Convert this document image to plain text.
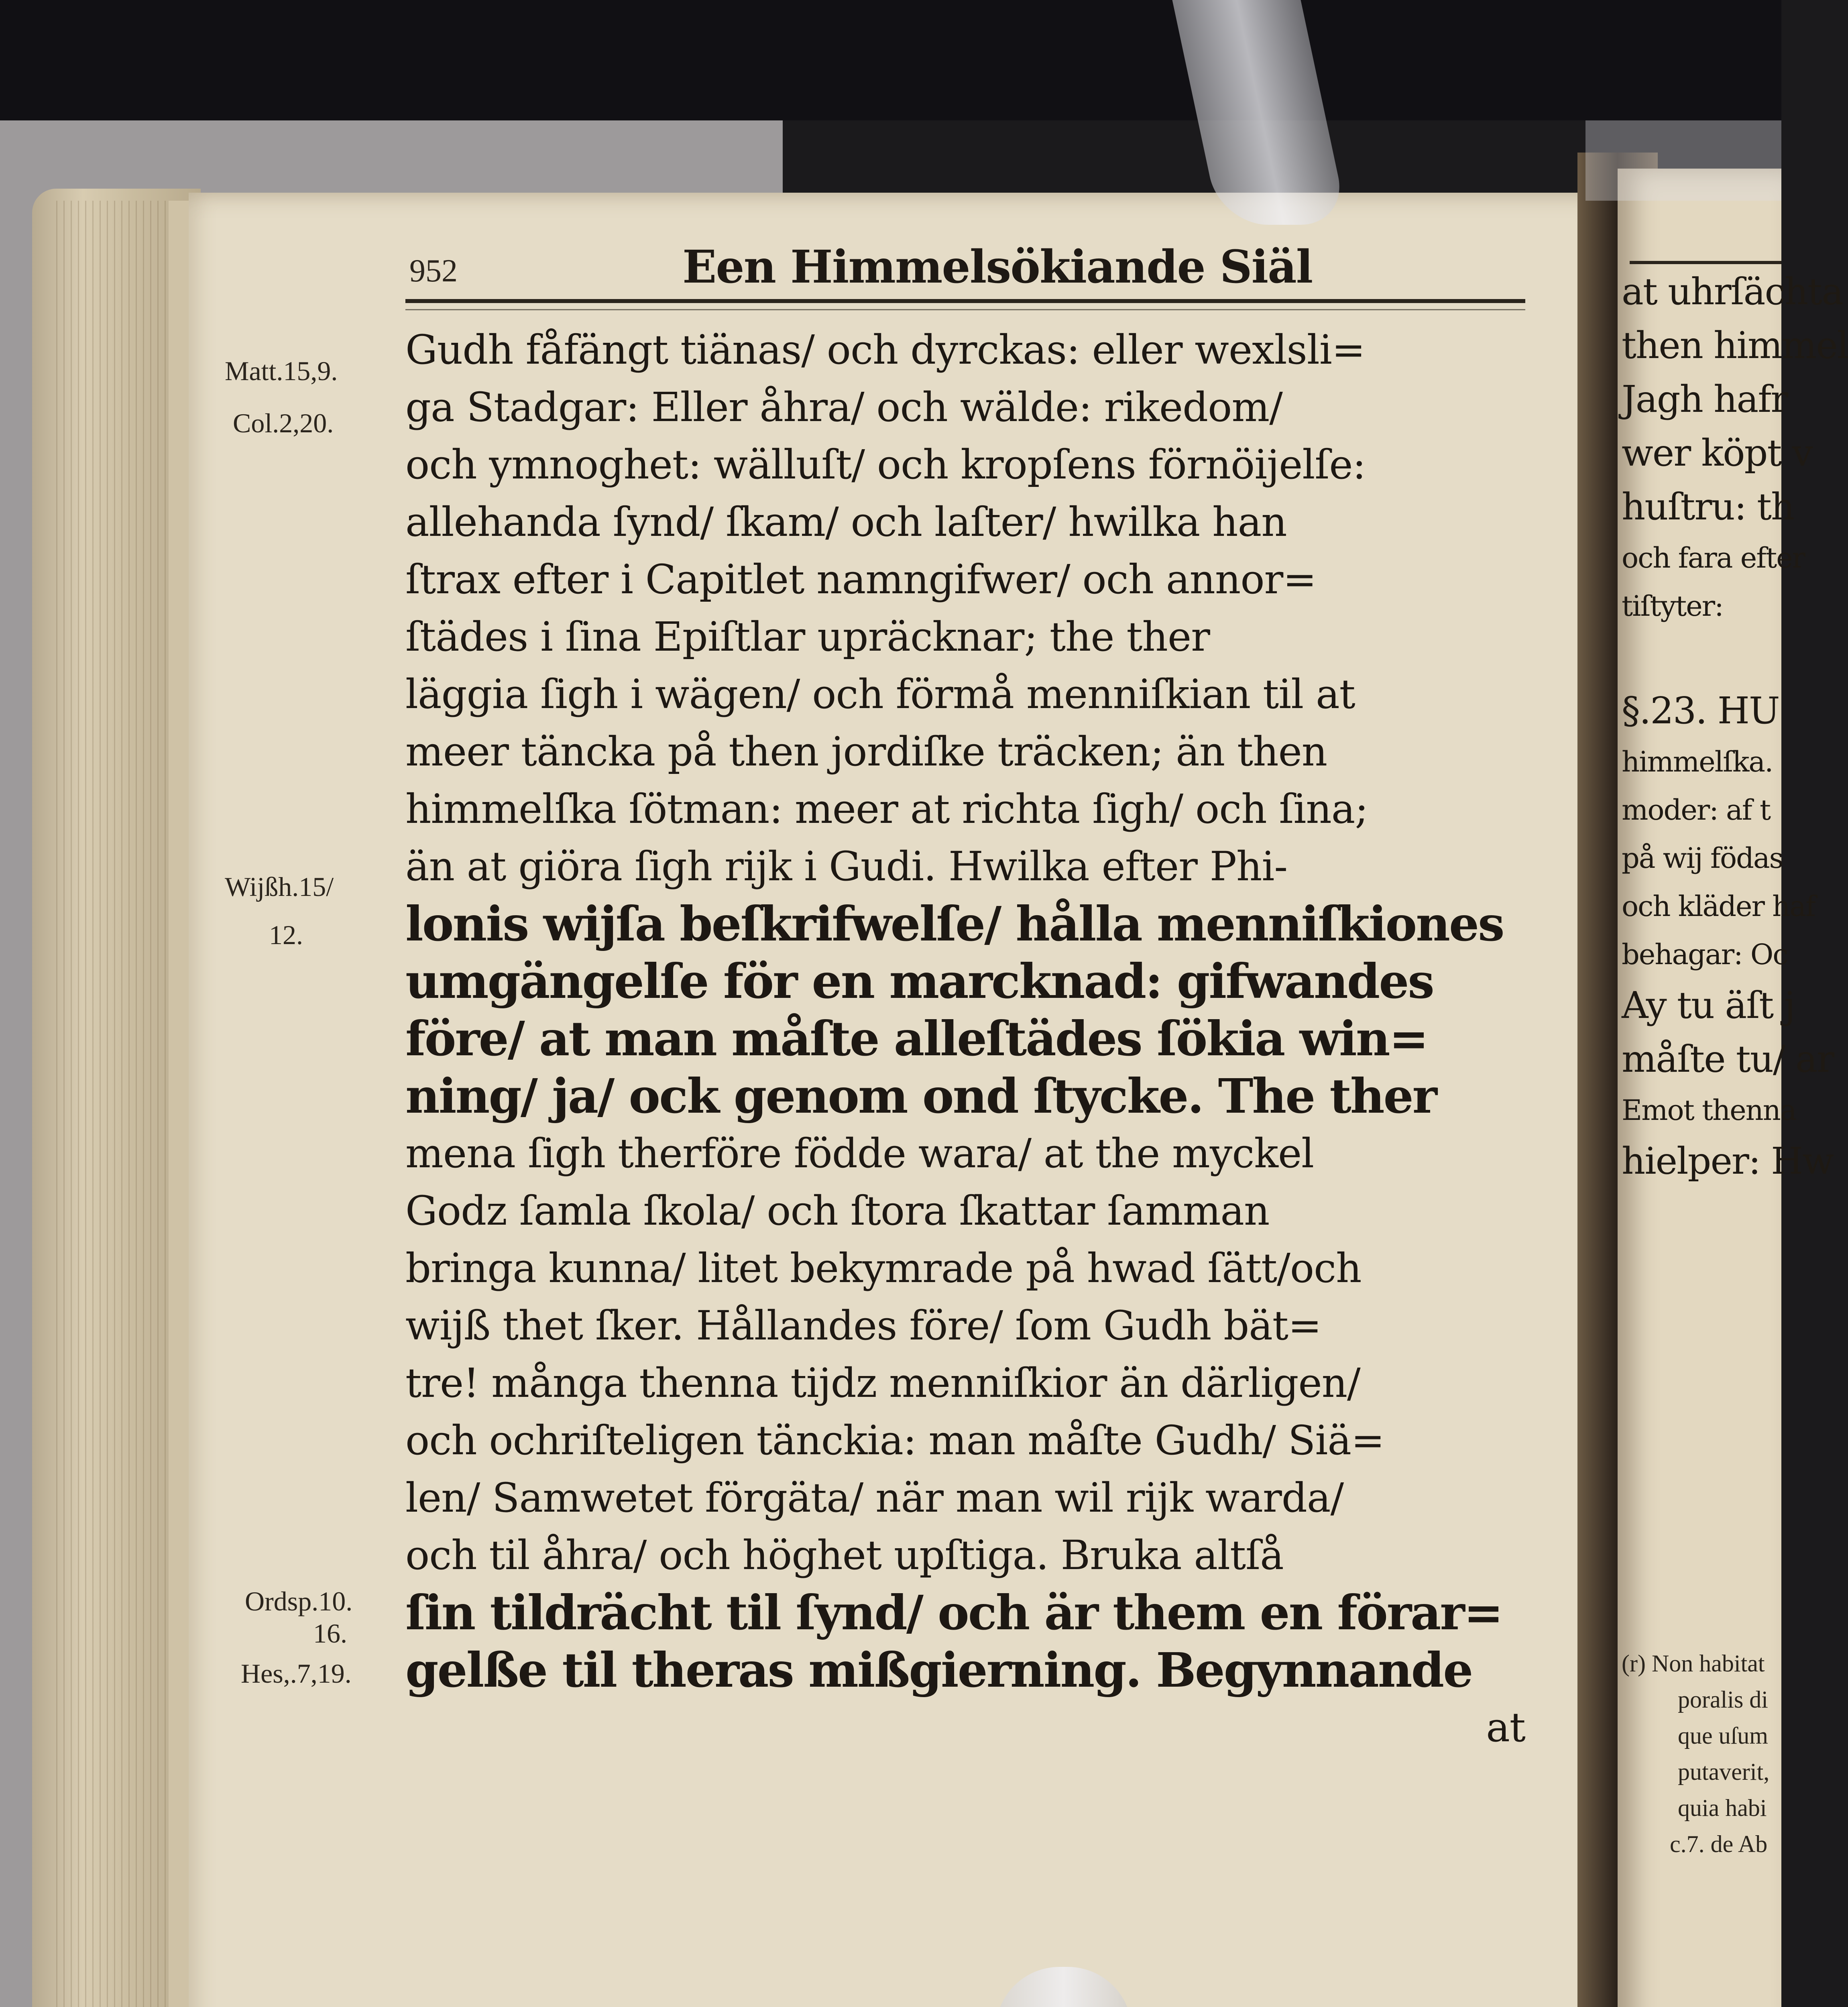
952	Een Himmelsökiande Siäl
Matt.15,9.
Col.2,20.
Wijßh.15/
12.
Ordsp.10.
16.
Hes,.7,19.
Gudh fåfängt tiänas/ och dyrckas: eller wexlsli=
ga Stadgar: Eller åhra/ och wälde: rikedom/
och ymnoghet: wälluſt/ och kropſens förnöijelſe:
allehanda ſynd/ ſkam/ och laſter/ hwilka han
ſtrax efter i Capitlet namngifwer/ och annor=
ſtädes i ſina Epiſtlar upräcknar; the ther
läggia ſigh i wägen/ och förmå menniſkian til at
meer täncka på then jordiſke träcken; än then
himmelſka ſötman: meer at richta ſigh/ och ſina;
än at giöra ſigh rijk i Gudi. Hwilka efter Phi-
lonis wijſa beſkrifwelſe/ hålla menniſkiones
umgängelſe för en marcknad: gifwandes
före/ at man måſte alleſtädes ſökia win=
ning/ ja/ ock genom ond ſtycke. The ther
mena ſigh therföre födde wara/ at the myckel
Godz ſamla ſkola/ och ſtora ſkattar ſamman
bringa kunna/ litet bekymrade på hwad ſätt/och
wijß thet ſker. Hållandes före/ ſom Gudh bät=
tre! många thenna tijdz menniſkior än därligen/
och ochriſteligen tänckia: man måſte Gudh/ Siä=
len/ Samwetet förgäta/ när man wil rijk warda/
och til åhra/ och höghet upſtiga. Bruka altſå
ſin tildrächt til ſynd/ och är them en förar=
gelße til theras mißgierning. Begynnande
at
at uhrſächta
then himmel
Jagh hafr
wer köpt v
huſtru: th
och fara efter
tiſtyter:
§.23. HU
himmelſka.
moder: af t
på wij födas
och kläder haf
behagar: Oc
Ay tu äſt j
måſte tu/ ar
Emot thenna
hielper: Hw
(r) Non habitat
poralis di
que uſum
putaverit,
quia habi
c.7. de Ab
